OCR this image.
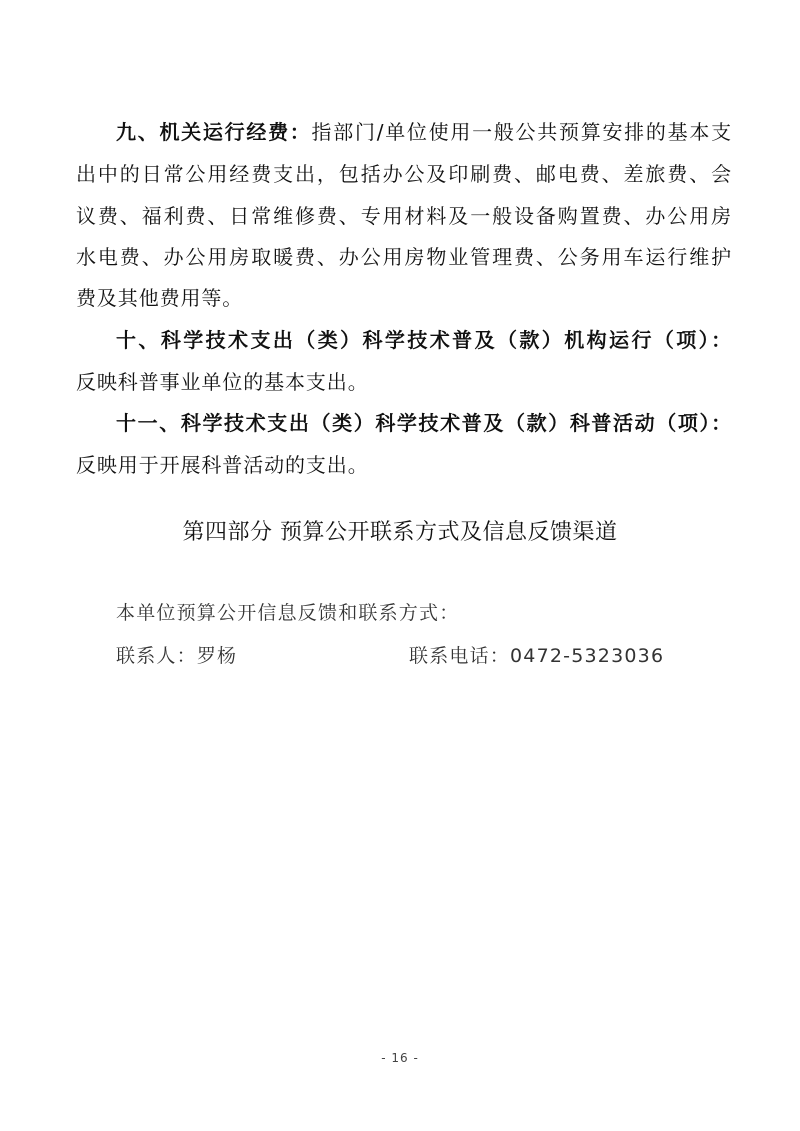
九、机关运行经费：指部门/单位使用一般公共预算安排的基本支
出中的日常公用经费支出，包括办公及印刷费、邮电费、差旅费、会
议费、福利费、日常维修费、专用材料及一般设备购置费、办公用房
水电费、办公用房取暖费、办公用房物业管理费、公务用车运行维护
费及其他费用等。
十、科学技术支出（类）科学技术普及（款）机构运行（项）：
反映科普事业单位的基本支出。
十一、科学技术支出（类）科学技术普及（款）科普活动（项）：
反映用于开展科普活动的支出。
第四部分 预算公开联系方式及信息反馈渠道
本单位预算公开信息反馈和联系方式：
联系人：罗杨	联系电话：0472-5323036
- 16 -
